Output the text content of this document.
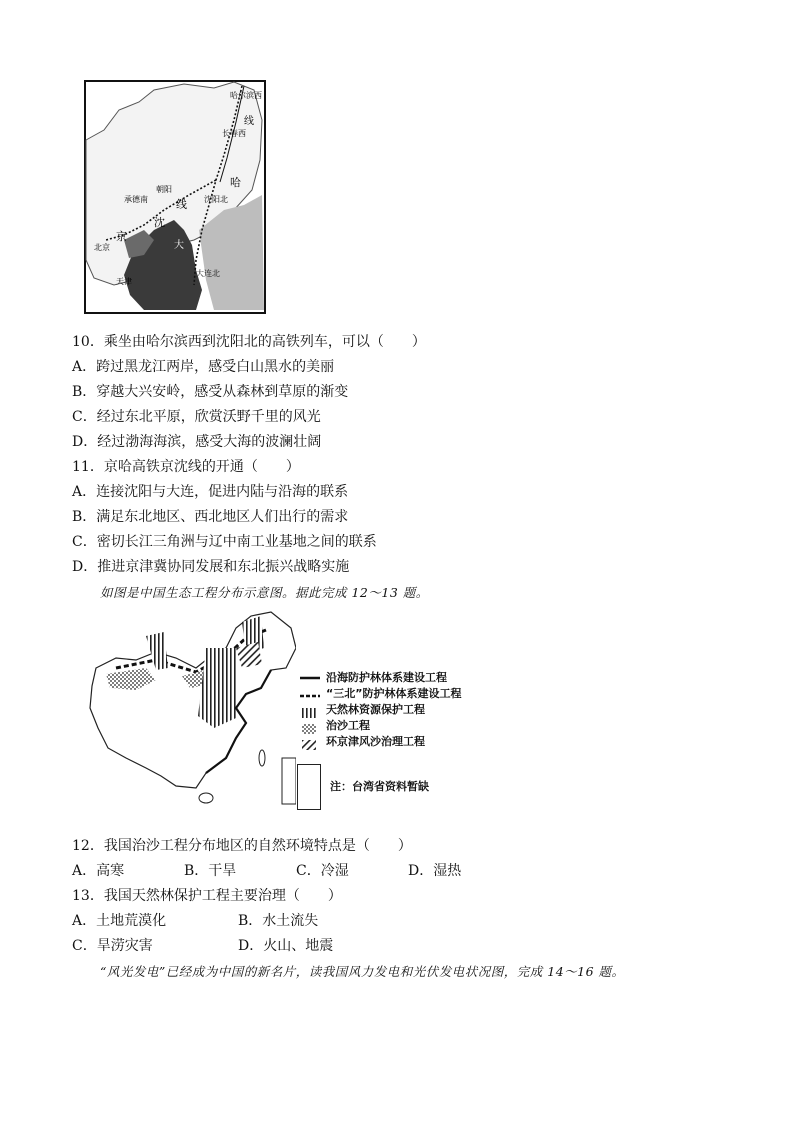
哈尔滨西
线
长春西
哈
沈阳北
朝阳
承德南
京
沈
线
大
大连北
北京
天津
10．乘坐由哈尔滨西到沈阳北的高铁列车，可以（　　）
A．跨过黑龙江两岸，感受白山黑水的美丽
B．穿越大兴安岭，感受从森林到草原的渐变
C．经过东北平原，欣赏沃野千里的风光
D．经过渤海海滨，感受大海的波澜壮阔
11．京哈高铁京沈线的开通（　　）
A．连接沈阳与大连，促进内陆与沿海的联系
B．满足东北地区、西北地区人们出行的需求
C．密切长江三角洲与辽中南工业基地之间的联系
D．推进京津冀协同发展和东北振兴战略实施
如图是中国生态工程分布示意图。据此完成 12～13 题。
沿海防护林体系建设工程
“三北”防护林体系建设工程
天然林资源保护工程
治沙工程
环京津风沙治理工程
注：台湾省资料暂缺
12．我国治沙工程分布地区的自然环境特点是（　　）
A．高寒	B．干旱	C．冷湿	D．湿热
13．我国天然林保护工程主要治理（　　）
A．土地荒漠化	B．水土流失
C．旱涝灾害	D．火山、地震
“风光发电”已经成为中国的新名片，读我国风力发电和光伏发电状况图，完成 14～16 题。
